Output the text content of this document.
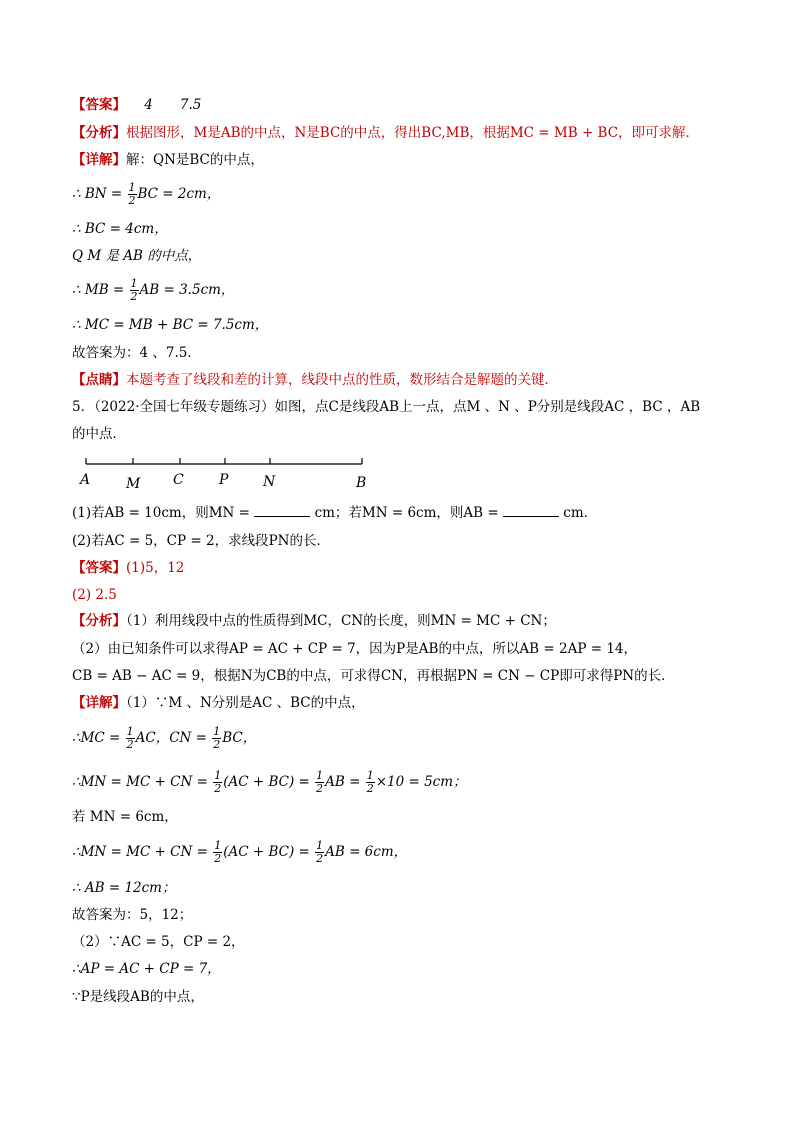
【答案】 4　　7.5
【分析】根据图形，M是AB的中点，N是BC的中点，得出BC,MB，根据MC = MB + BC，即可求解．
【详解】解：QN是BC的中点，
∴ BN = $\frac{1}{2}$ BC = 2cm，
∴ BC = 4cm，
Q M 是 AB 的中点，
∴ MB = $\frac{1}{2}$ AB = 3.5cm，
∴ MC = MB + BC = 7.5cm，
故答案为：4 、7.5．
【点睛】本题考查了线段和差的计算，线段中点的性质，数形结合是解题的关键．
5．（2022·全国七年级专题练习）如图，点C是线段AB上一点，点M 、N 、P分别是线段AC ，BC ，AB
的中点．
A	M C	P N	B
(1)若AB = 10cm，则MN =	cm；若MN = 6cm，则AB =	cm．
(2)若AC = 5，CP = 2，求线段PN的长．
【答案】(1)5，12
(2) 2.5
【分析】（1）利用线段中点的性质得到MC，CN的长度，则MN = MC + CN；
（2）由已知条件可以求得AP = AC + CP = 7，因为P是AB的中点，所以AB = 2AP = 14，
CB = AB − AC = 9，根据N为CB的中点，可求得CN，再根据PN = CN − CP即可求得PN的长．
【详解】（1）∵M 、N分别是AC 、BC的中点，
∴MC = $\frac{1}{2}$ AC，CN = $\frac{1}{2}$ BC，
∴MN = MC + CN = $\frac{1}{2} (AC + BC) = \frac{1}{2}$ AB = $\frac{1}{2} \times 10 = 5cm$；
若 MN = 6cm，
∴MN = MC + CN = $\frac{1}{2} (AC + BC) = \frac{1}{2}$ AB = 6cm，
∴ AB = 12cm；
故答案为：5，12；
（2）∵AC = 5，CP = 2，
∴AP = AC + CP = 7，
∵P是线段AB的中点，
